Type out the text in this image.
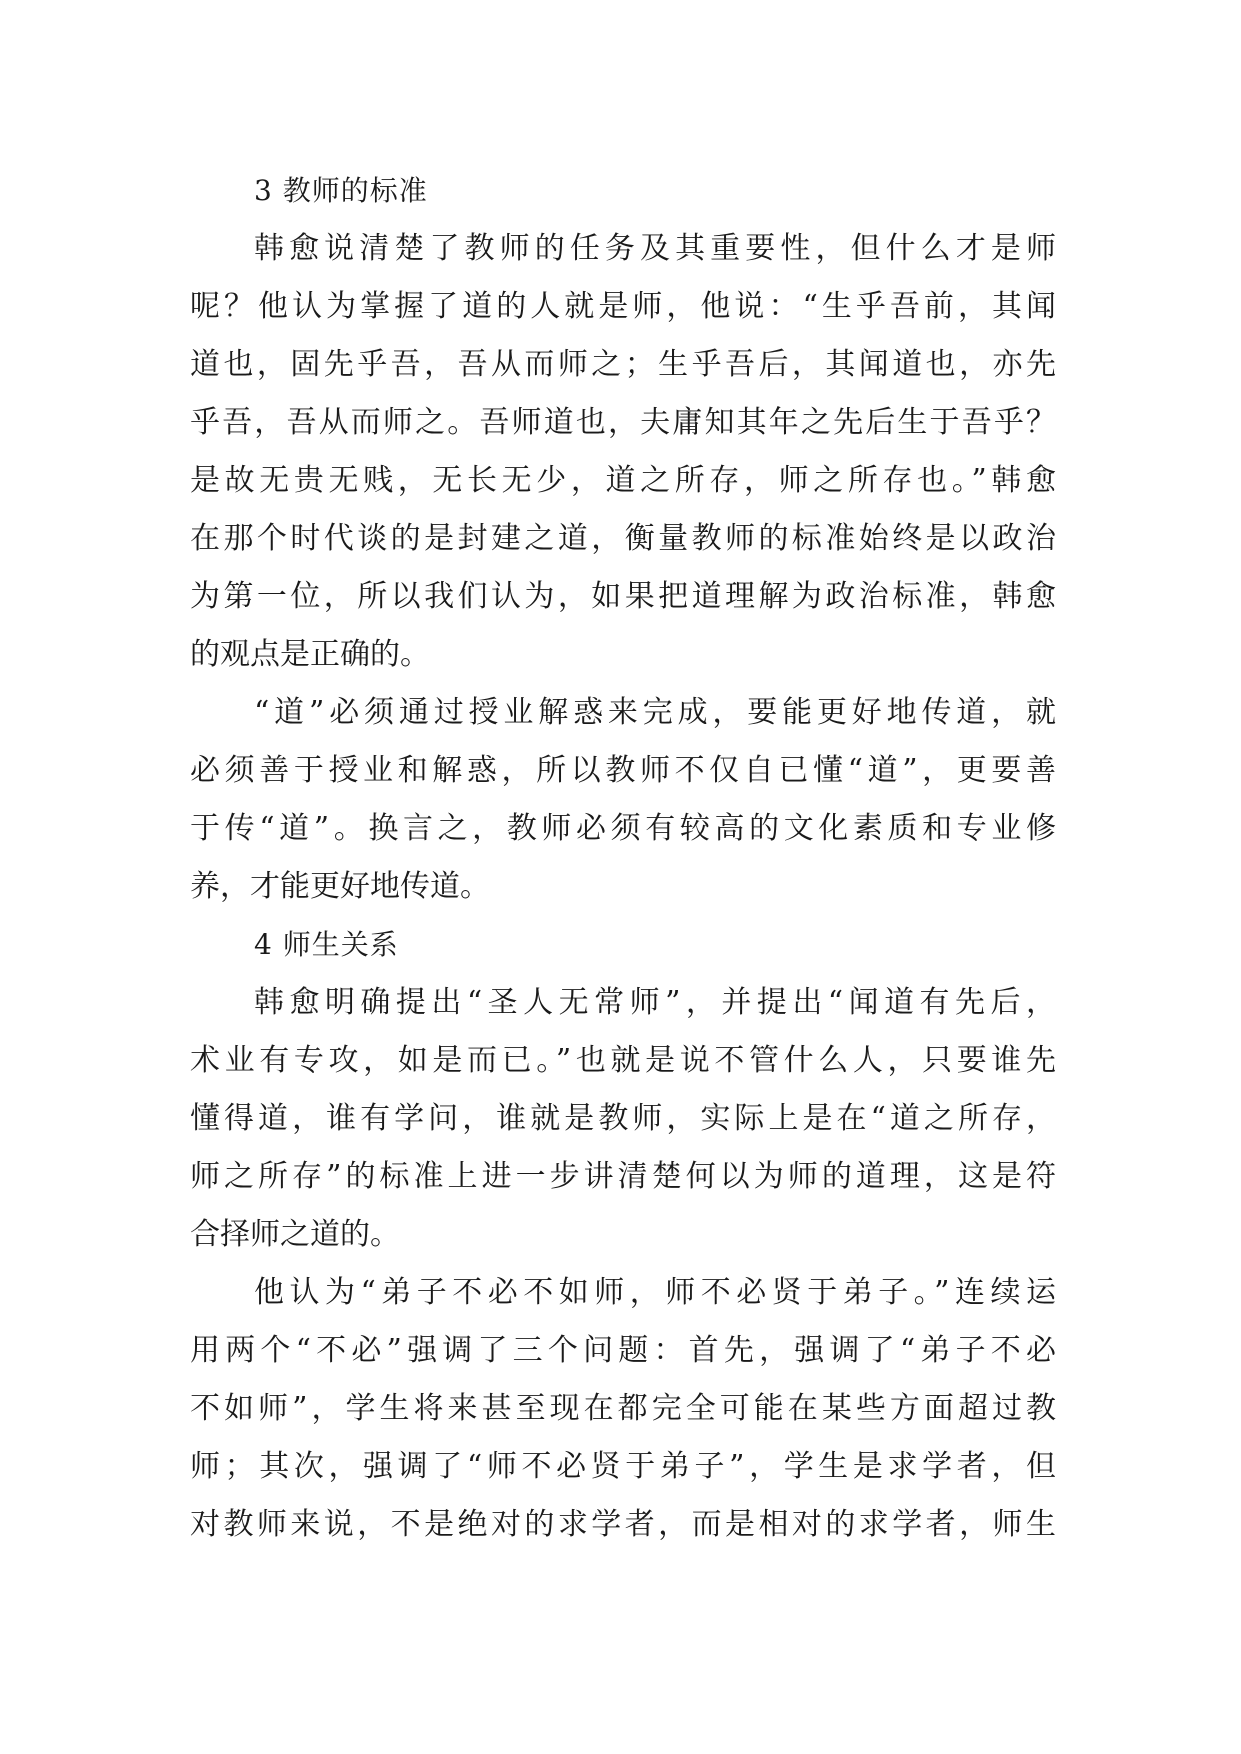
3 教师的标准

韩愈说清楚了教师的任务及其重要性，但什么才是师
呢？他认为掌握了道的人就是师，他说：“生乎吾前，其闻
道也，固先乎吾，吾从而师之；生乎吾后，其闻道也，亦先
乎吾，吾从而师之。吾师道也，夫庸知其年之先后生于吾乎？
是故无贵无贱，无长无少，道之所存，师之所存也。”韩愈
在那个时代谈的是封建之道，衡量教师的标准始终是以政治
为第一位，所以我们认为，如果把道理解为政治标准，韩愈
的观点是正确的。

“道”必须通过授业解惑来完成，要能更好地传道，就
必须善于授业和解惑，所以教师不仅自已懂“道”，更要善
于传“道”。换言之，教师必须有较高的文化素质和专业修
养，才能更好地传道。

4 师生关系

韩愈明确提出“圣人无常师”，并提出“闻道有先后，
术业有专攻，如是而已。”也就是说不管什么人，只要谁先
懂得道，谁有学问，谁就是教师，实际上是在“道之所存，
师之所存”的标准上进一步讲清楚何以为师的道理，这是符
合择师之道的。

他认为“弟子不必不如师，师不必贤于弟子。”连续运
用两个“不必”强调了三个问题：首先，强调了“弟子不必
不如师”，学生将来甚至现在都完全可能在某些方面超过教
师；其次，强调了“师不必贤于弟子”，学生是求学者，但
对教师来说，不是绝对的求学者，而是相对的求学者，师生
